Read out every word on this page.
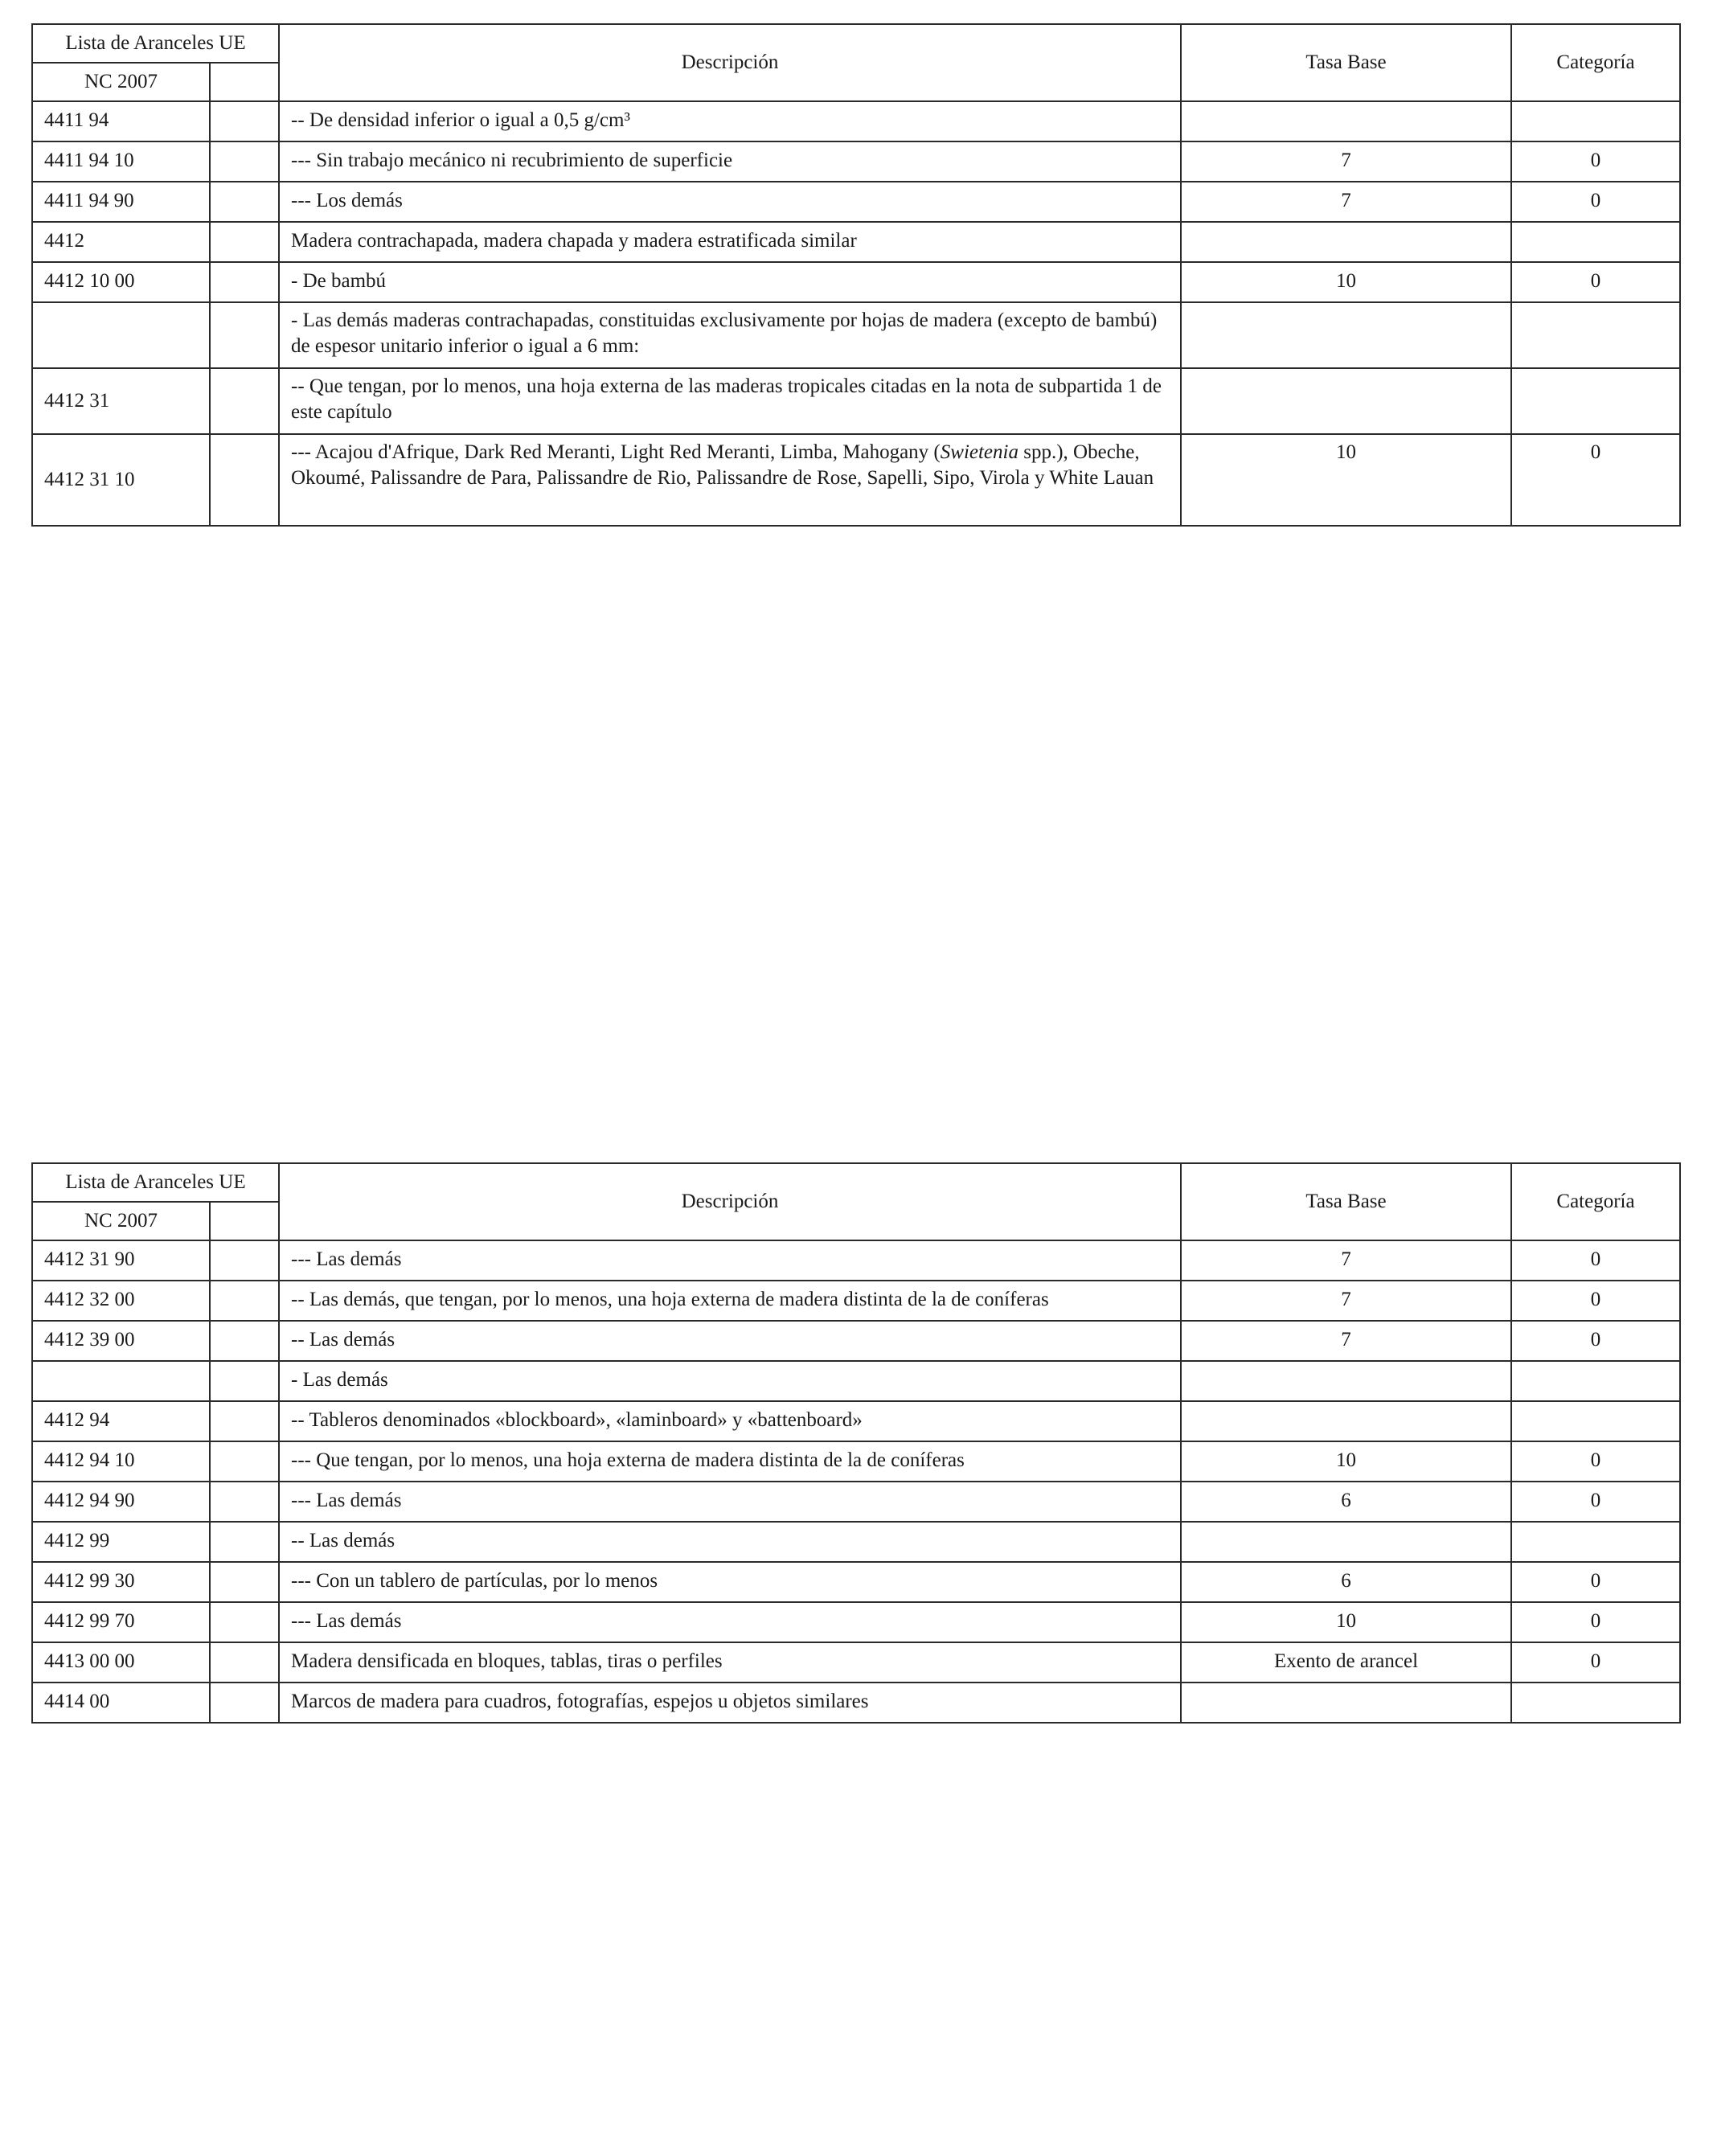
Lista de Aranceles UE		Descripción	Tasa Base	Categoría
NC 2007				
4411 94		-- De densidad inferior o igual a 0,5 g/cm³		
4411 94 10		--- Sin trabajo mecánico ni recubrimiento de superficie	7	0
4411 94 90		--- Los demás	7	0
4412		Madera contrachapada, madera chapada y madera estratificada similar		
4412 10 00		- De bambú	10	0
		- Las demás maderas contrachapadas, constituidas exclusivamente por hojas de madera (excepto de bambú) de espesor unitario inferior o igual a 6 mm:		
4412 31		-- Que tengan, por lo menos, una hoja externa de las maderas tropicales citadas en la nota de subpartida 1 de este capítulo		
4412 31 10		--- Acajou d'Afrique, Dark Red Meranti, Light Red Meranti, Limba, Mahogany (Swietenia spp.), Obeche, Okoumé, Palissandre de Para, Palissandre de Rio, Palissandre de Rose, Sapelli, Sipo, Virola y White Lauan	10	0
Lista de Aranceles UE		Descripción	Tasa Base	Categoría
NC 2007				
4412 31 90		--- Las demás	7	0
4412 32 00		-- Las demás, que tengan, por lo menos, una hoja externa de madera distinta de la de coníferas	7	0
4412 39 00		-- Las demás	7	0
		- Las demás		
4412 94		-- Tableros denominados «blockboard», «laminboard» y «battenboard»		
4412 94 10		--- Que tengan, por lo menos, una hoja externa de madera distinta de la de coníferas	10	0
4412 94 90		--- Las demás	6	0
4412 99		-- Las demás		
4412 99 30		--- Con un tablero de partículas, por lo menos	6	0
4412 99 70		--- Las demás	10	0
4413 00 00		Madera densificada en bloques, tablas, tiras o perfiles	Exento de arancel	0
4414 00		Marcos de madera para cuadros, fotografías, espejos u objetos similares		
